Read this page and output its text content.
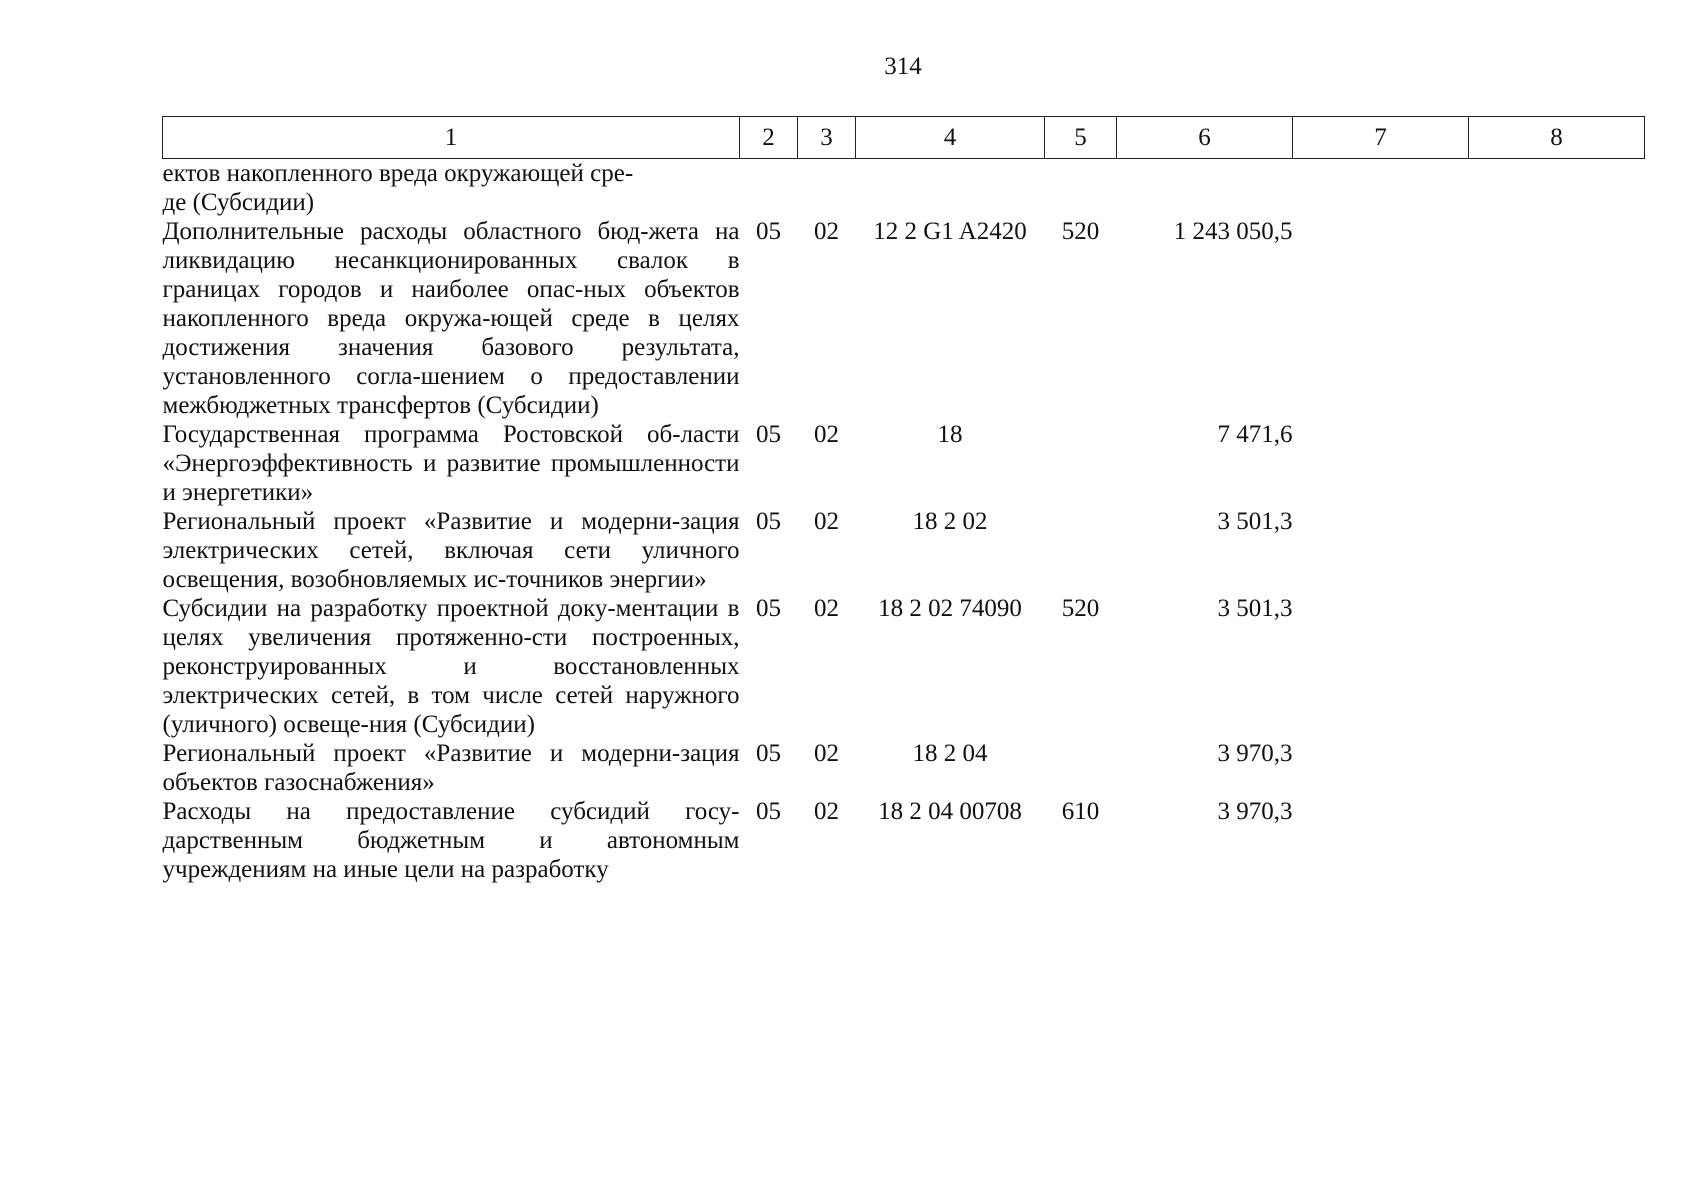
314
1	2	3	4	5	6	7	8
ектов накопленного вреда окружающей сре-
де (Субсидии)							
Дополнительные расходы областного бюд-жета на ликвидацию несанкционированных свалок в границах городов и наиболее опас-ных объектов накопленного вреда окружа-ющей среде в целях достижения значения базового результата, установленного согла-шением о предоставлении межбюджетных трансфертов (Субсидии)	05	02	12 2 G1 A2420	520	1 243 050,5		
Государственная программа Ростовской об-ласти «Энергоэффективность и развитие промышленности и энергетики»	05	02	18		7 471,6		
Региональный проект «Развитие и модерни-зация электрических сетей, включая сети уличного освещения, возобновляемых ис-точников энергии»	05	02	18 2 02		3 501,3		
Субсидии на разработку проектной доку-ментации в целях увеличения протяженно-сти построенных, реконструированных и восстановленных электрических сетей, в том числе сетей наружного (уличного) освеще-ния (Субсидии)	05	02	18 2 02 74090	520	3 501,3		
Региональный проект «Развитие и модерни-зация объектов газоснабжения»	05	02	18 2 04		3 970,3		
Расходы на предоставление субсидий госу-дарственным бюджетным и автономным учреждениям на иные цели на разработку	05	02	18 2 04 00708	610	3 970,3		
